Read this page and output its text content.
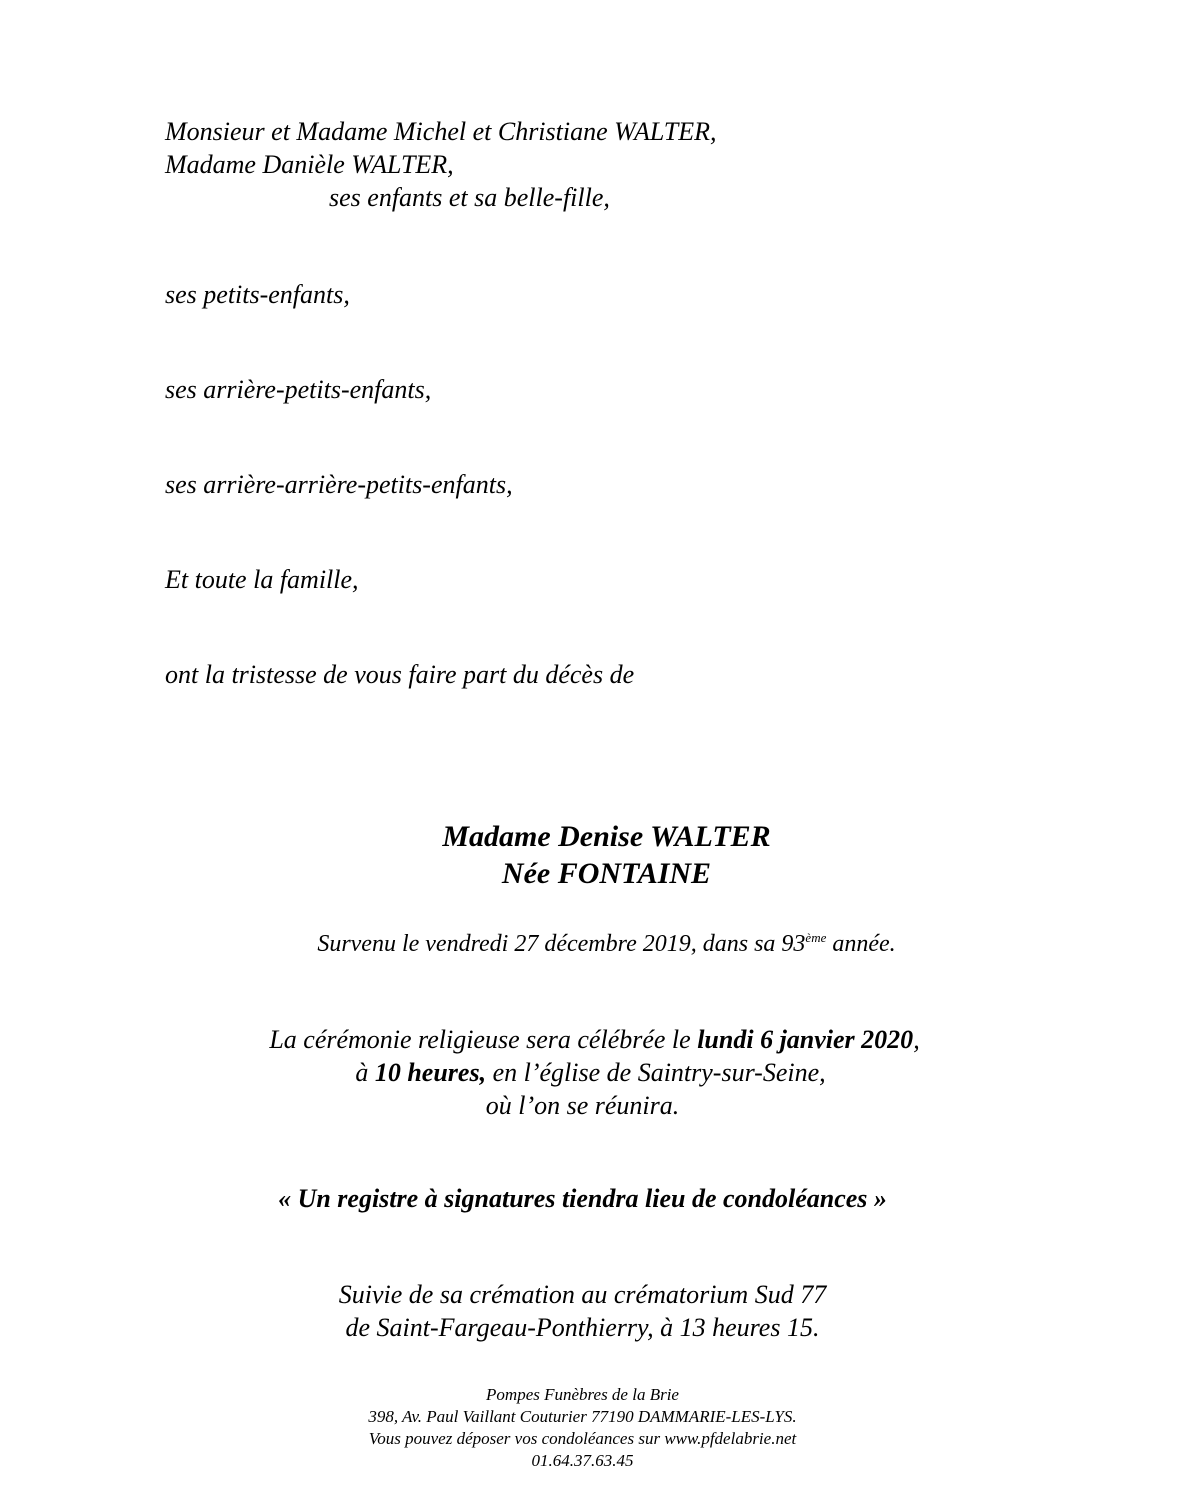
Monsieur et Madame Michel et Christiane WALTER,
Madame Danièle WALTER,
ses enfants et sa belle-fille,
ses petits-enfants,
ses arrière-petits-enfants,
ses arrière-arrière-petits-enfants,
Et toute la famille,
ont la tristesse de vous faire part du décès de
Madame Denise WALTER
Née FONTAINE
Survenu le vendredi 27 décembre 2019, dans sa 93ème année.
La cérémonie religieuse sera célébrée le lundi 6 janvier 2020,
à 10 heures, en l’église de Saintry-sur-Seine,
où l’on se réunira.
« Un registre à signatures tiendra lieu de condoléances »
Suivie de sa crémation au crématorium Sud 77
de Saint-Fargeau-Ponthierry, à 13 heures 15.
Pompes Funèbres de la Brie
398, Av. Paul Vaillant Couturier 77190 DAMMARIE-LES-LYS.
Vous pouvez déposer vos condoléances sur www.pfdelabrie.net
01.64.37.63.45
